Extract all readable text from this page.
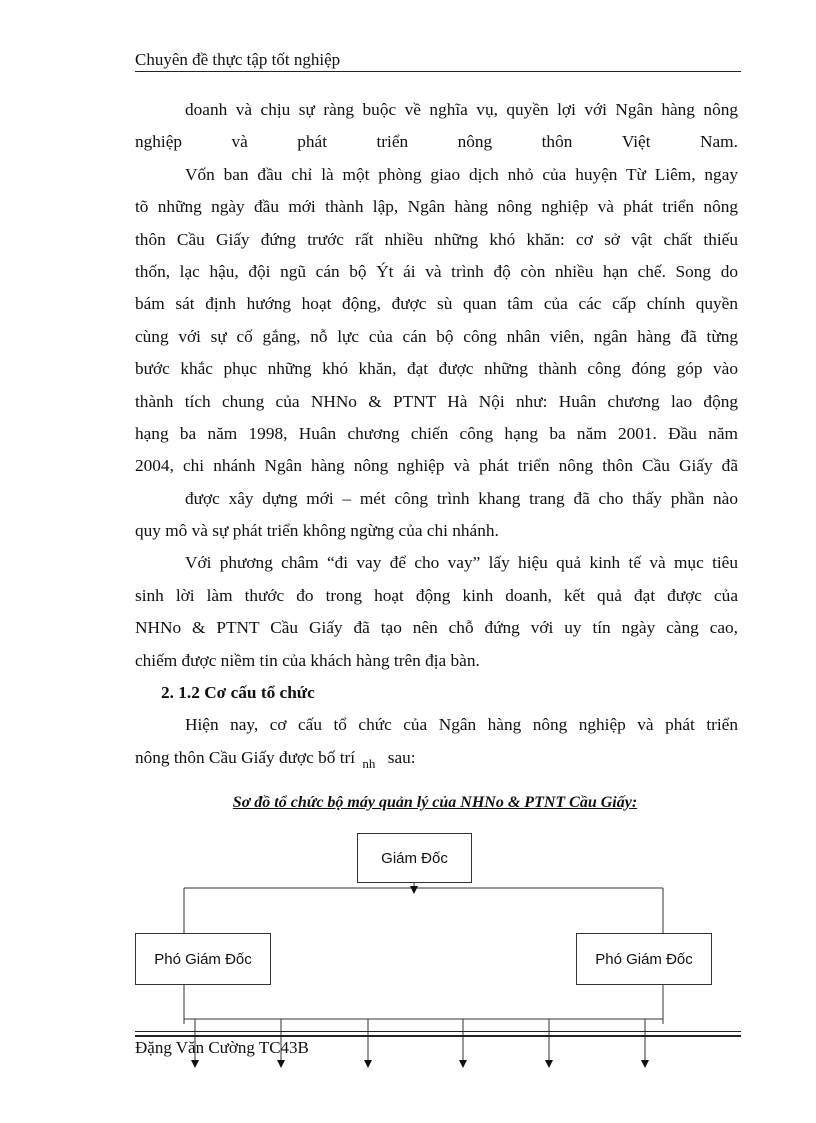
Chuyên đề thực tập tốt nghiệp
doanh và chịu sự ràng buộc về nghĩa vụ, quyền lợi với Ngân hàng nông
nghiệp	và	phát	triển	nông	thôn	Việt	Nam.
Vốn ban đầu chỉ là một phòng giao dịch nhỏ của huyện Từ Liêm, ngay
tõ những ngày đầu mới thành lập, Ngân hàng nông nghiệp và phát triển nông
thôn Cầu Giấy đứng trước rất nhiều những khó khăn: cơ sở vật chất thiếu
thốn, lạc hậu, đội ngũ cán bộ Ýt ái và trình độ còn nhiều hạn chế. Song do
bám sát định hướng hoạt động, được sù quan tâm của các cấp chính quyền
cùng với sự cố gắng, nỗ lực của cán bộ công nhân viên, ngân hàng đã từng
bước khắc phục những khó khăn, đạt được những thành công đóng góp vào
thành tích chung của NHNo & PTNT Hà Nội như: Huân chương lao động
hạng ba năm 1998, Huân chương chiến công hạng ba năm 2001. Đầu năm
2004, chi nhánh Ngân hàng nông nghiệp và phát triển nông thôn Cầu Giấy đã
được xây dựng mới – mét công trình khang trang đã cho thấy phần nào
quy mô và sự phát triển không ngừng của chi nhánh.
Với phương châm “đi vay để cho vay” lấy hiệu quả kinh tế và mục tiêu
sinh lời làm thước đo trong hoạt động kinh doanh, kết quả đạt được của
NHNo & PTNT Cầu Giấy đã tạo nên chỗ đứng với uy tín ngày càng cao,
chiếm được niềm tin của khách hàng trên địa bàn.
2. 1.2 Cơ cấu tổ chức
Hiện nay, cơ cấu tổ chức của Ngân hàng nông nghiệp và phát triển
nông thôn Cầu Giấy được bố trí $_{nh}$ sau:
Sơ đồ tổ chức bộ máy quản lý của NHNo & PTNT Cầu Giấy:
Giám Đốc
Phó Giám Đốc	Phó Giám Đốc
Đặng Văn Cường TC43B
